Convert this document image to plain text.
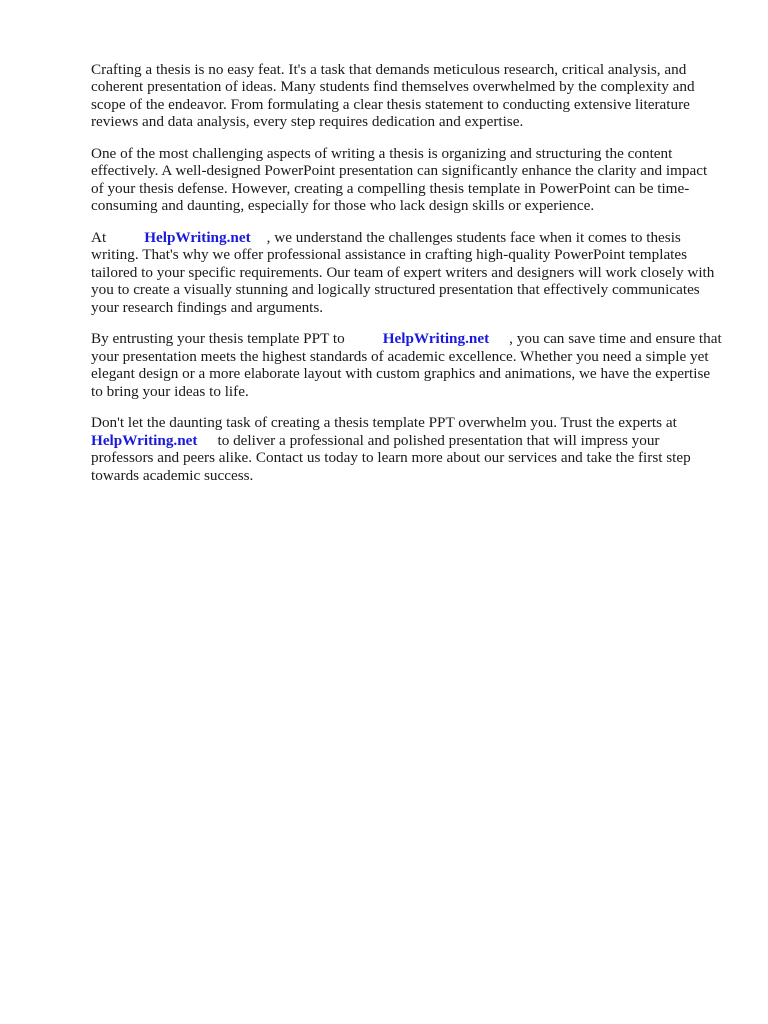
Crafting a thesis is no easy feat. It's a task that demands meticulous research, critical analysis, and coherent presentation of ideas. Many students find themselves overwhelmed by the complexity and scope of the endeavor. From formulating a clear thesis statement to conducting extensive literature reviews and data analysis, every step requires dedication and expertise.

One of the most challenging aspects of writing a thesis is organizing and structuring the content effectively. A well-designed PowerPoint presentation can significantly enhance the clarity and impact of your thesis defense. However, creating a compelling thesis template in PowerPoint can be time-consuming and daunting, especially for those who lack design skills or experience.

At	HelpWriting.net , we understand the challenges students face when it comes to thesis writing. That's why we offer professional assistance in crafting high-quality PowerPoint templates tailored to your specific requirements. Our team of expert writers and designers will work closely with you to create a visually stunning and logically structured presentation that effectively communicates your research findings and arguments.

By entrusting your thesis template PPT to	HelpWriting.net , you can save time and ensure that your presentation meets the highest standards of academic excellence. Whether you need a simple yet elegant design or a more elaborate layout with custom graphics and animations, we have the expertise to bring your ideas to life.

Don't let the daunting task of creating a thesis template PPT overwhelm you. Trust the experts at HelpWriting.net to deliver a professional and polished presentation that will impress your professors and peers alike. Contact us today to learn more about our services and take the first step towards academic success.
